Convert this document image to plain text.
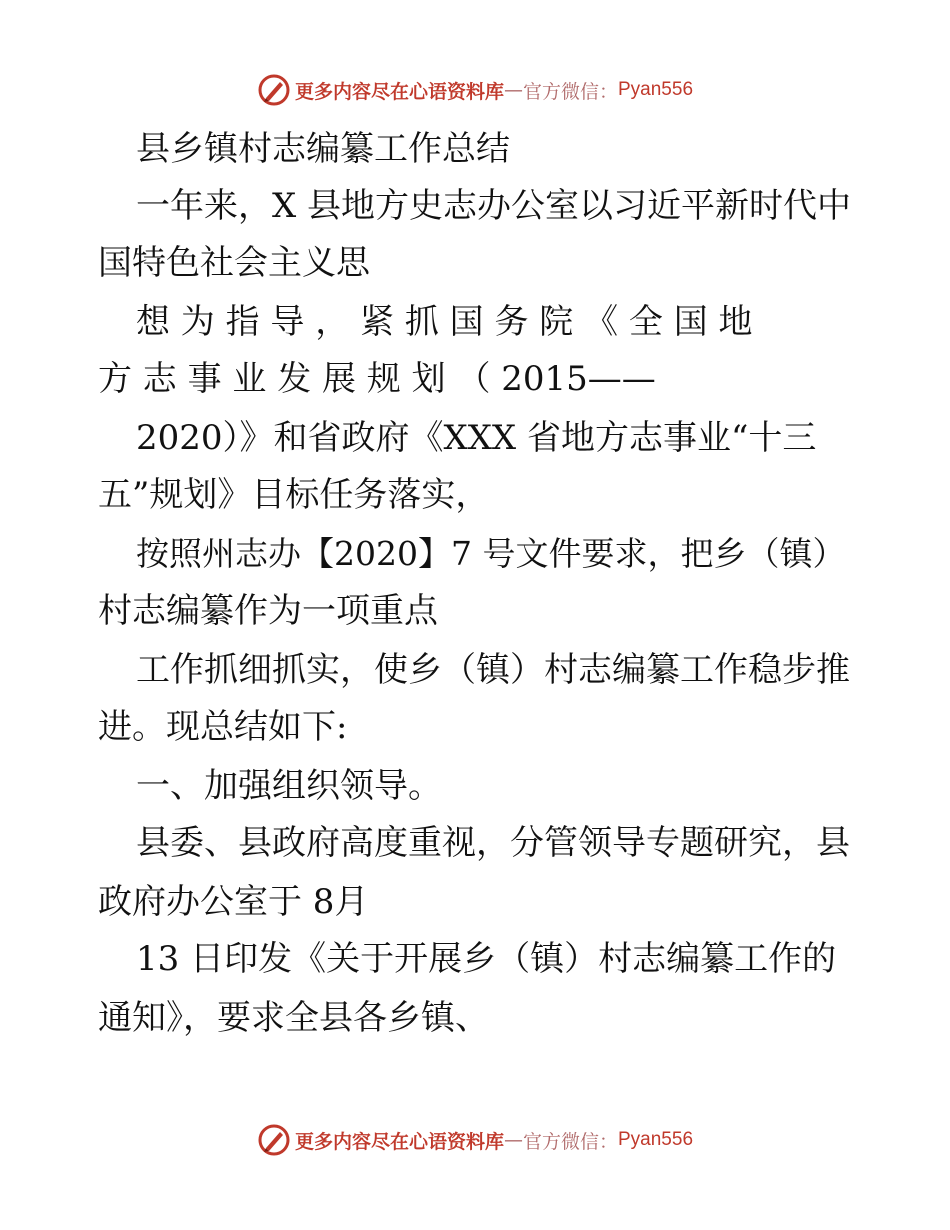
更多内容尽在心语资料库 — 官方微信： Pyan556
县乡镇村志编纂工作总结
一年来，X 县地方史志办公室以习近平新时代中
国特色社会主义思
想 为 指 导 ， 紧 抓 国 务 院 《 全 国 地
方 志 事 业 发 展 规 划 （ 2015——
2020）》和省政府《XXX 省地方志事业“十三
五”规划》目标任务落实，
按照州志办【2020】7 号文件要求，把乡（镇）
村志编纂作为一项重点
工作抓细抓实，使乡（镇）村志编纂工作稳步推
进。现总结如下:
一、加强组织领导。
县委、县政府高度重视，分管领导专题研究，县
政府办公室于 8月
13 日印发《关于开展乡（镇）村志编纂工作的
通知》，要求全县各乡镇、
更多内容尽在心语资料库 — 官方微信： Pyan556
